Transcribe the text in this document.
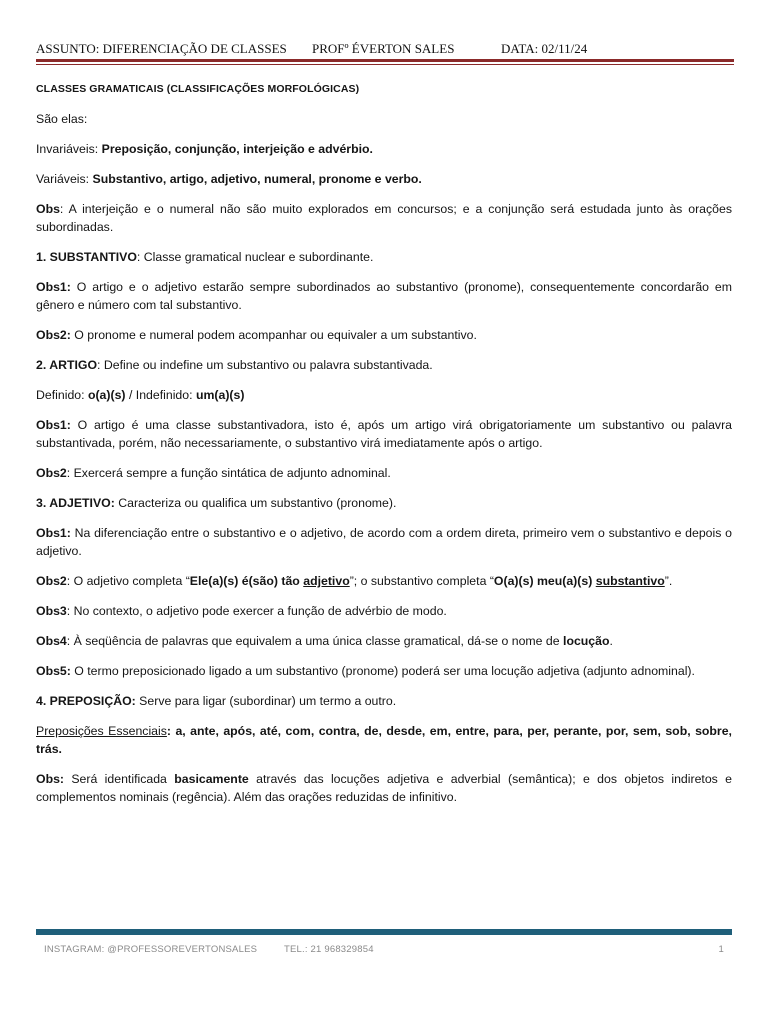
ASSUNTO: DIFERENCIAÇÃO DE CLASSES PROFº ÉVERTON SALES	DATA: 02/11/24

CLASSES GRAMATICAIS (CLASSIFICAÇÕES MORFOLÓGICAS)

São elas:

Invariáveis: Preposição, conjunção, interjeição e advérbio.

Variáveis: Substantivo, artigo, adjetivo, numeral, pronome e verbo.

Obs: A interjeição e o numeral não são muito explorados em concursos; e a conjunção será estudada junto às orações subordinadas.

1. SUBSTANTIVO: Classe gramatical nuclear e subordinante.

Obs1: O artigo e o adjetivo estarão sempre subordinados ao substantivo (pronome), consequentemente concordarão em gênero e número com tal substantivo.

Obs2: O pronome e numeral podem acompanhar ou equivaler a um substantivo.

2. ARTIGO: Define ou indefine um substantivo ou palavra substantivada.

Definido: o(a)(s) / Indefinido: um(a)(s)

Obs1: O artigo é uma classe substantivadora, isto é, após um artigo virá obrigatoriamente um substantivo ou palavra substantivada, porém, não necessariamente, o substantivo virá imediatamente após o artigo.

Obs2: Exercerá sempre a função sintática de adjunto adnominal.

3. ADJETIVO: Caracteriza ou qualifica um substantivo (pronome).

Obs1: Na diferenciação entre o substantivo e o adjetivo, de acordo com a ordem direta, primeiro vem o substantivo e depois o adjetivo.

Obs2: O adjetivo completa “Ele(a)(s) é(são) tão adjetivo”; o substantivo completa “O(a)(s) meu(a)(s) substantivo”.

Obs3: No contexto, o adjetivo pode exercer a função de advérbio de modo.

Obs4: À seqüência de palavras que equivalem a uma única classe gramatical, dá-se o nome de locução.

Obs5: O termo preposicionado ligado a um substantivo (pronome) poderá ser uma locução adjetiva (adjunto adnominal).

4. PREPOSIÇÃO: Serve para ligar (subordinar) um termo a outro.

Preposições Essenciais: a, ante, após, até, com, contra, de, desde, em, entre, para, per, perante, por, sem, sob, sobre, trás.

Obs: Será identificada basicamente através das locuções adjetiva e adverbial (semântica); e dos objetos indiretos e complementos nominais (regência). Além das orações reduzidas de infinitivo.

INSTAGRAM: @PROFESSOREVERTONSALES	TEL.: 21 968329854	1
